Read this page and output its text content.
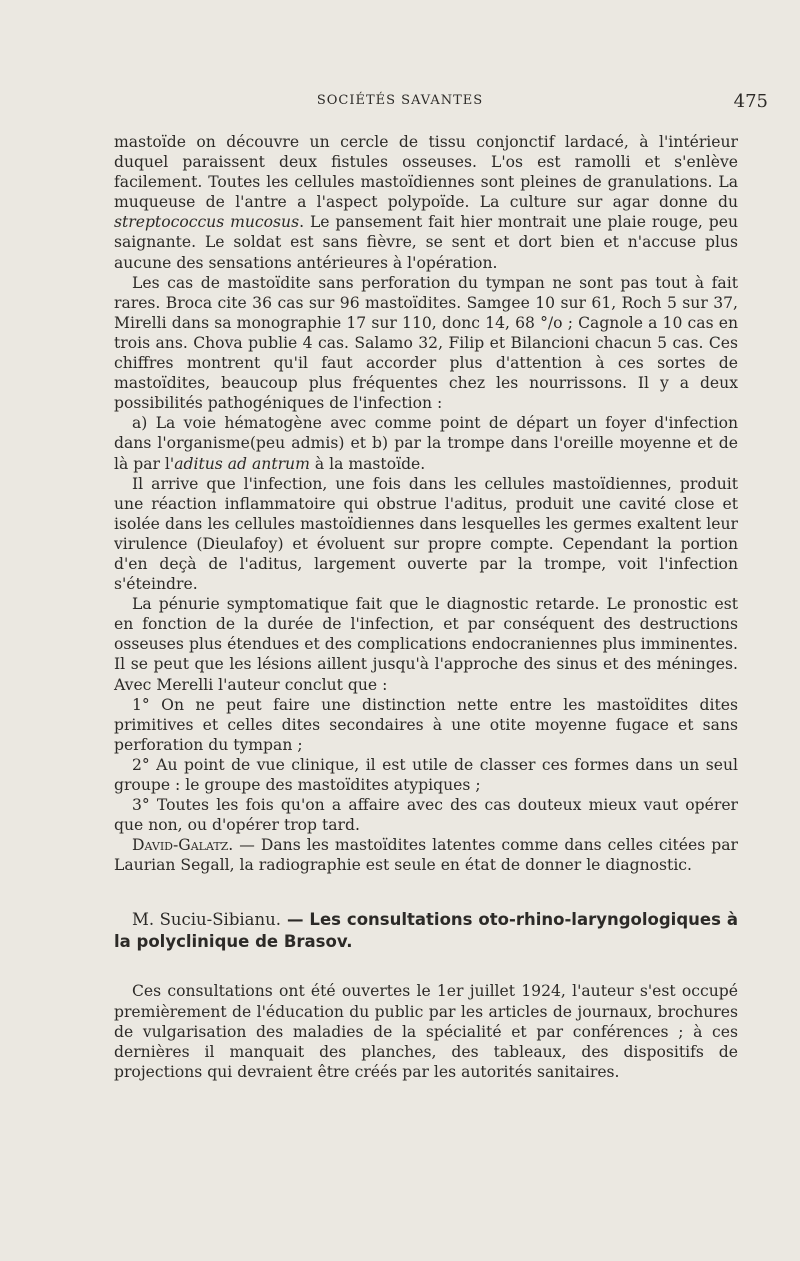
SOCIÉTÉS SAVANTES	475

mastoïde on découvre un cercle de tissu conjonctif lardacé, à l'intérieur duquel paraissent deux fistules osseuses. L'os est ramolli et s'enlève facilement. Toutes les cellules mastoïdiennes sont pleines de granulations. La muqueuse de l'antre a l'aspect polypoïde. La culture sur agar donne du streptococcus mucosus. Le pansement fait hier montrait une plaie rouge, peu saignante. Le soldat est sans fièvre, se sent et dort bien et n'accuse plus aucune des sensations antérieures à l'opération.

Les cas de mastoïdite sans perforation du tympan ne sont pas tout à fait rares. Broca cite 36 cas sur 96 mastoïdites. Samgee 10 sur 61, Roch 5 sur 37, Mirelli dans sa monographie 17 sur 110, donc 14, 68 °/o ; Cagnole a 10 cas en trois ans. Chova publie 4 cas. Salamo 32, Filip et Bilancioni chacun 5 cas. Ces chiffres montrent qu'il faut accorder plus d'attention à ces sortes de mastoïdites, beaucoup plus fréquentes chez les nourrissons. Il y a deux possibilités pathogéniques de l'infection :

a) La voie hématogène avec comme point de départ un foyer d'infection dans l'organisme(peu admis) et b) par la trompe dans l'oreille moyenne et de là par l'aditus ad antrum à la mastoïde.

Il arrive que l'infection, une fois dans les cellules mastoïdiennes, produit une réaction inflammatoire qui obstrue l'aditus, produit une cavité close et isolée dans les cellules mastoïdiennes dans lesquelles les germes exaltent leur virulence (Dieulafoy) et évoluent sur propre compte. Cependant la portion d'en deçà de l'aditus, largement ouverte par la trompe, voit l'infection s'éteindre.

La pénurie symptomatique fait que le diagnostic retarde. Le pronostic est en fonction de la durée de l'infection, et par conséquent des destructions osseuses plus étendues et des complications endocraniennes plus imminentes. Il se peut que les lésions aillent jusqu'à l'approche des sinus et des méninges. Avec Merelli l'auteur conclut que :

1° On ne peut faire une distinction nette entre les mastoïdites dites primitives et celles dites secondaires à une otite moyenne fugace et sans perforation du tympan ;

2° Au point de vue clinique, il est utile de classer ces formes dans un seul groupe : le groupe des mastoïdites atypiques ;

3° Toutes les fois qu'on a affaire avec des cas douteux mieux vaut opérer que non, ou d'opérer trop tard.

David-Galatz. — Dans les mastoïdites latentes comme dans celles citées par Laurian Segall, la radiographie est seule en état de donner le diagnostic.

M. Suciu-Sibianu. — Les consultations oto-rhino-laryngologiques à la polyclinique de Brasov.

Ces consultations ont été ouvertes le 1er juillet 1924, l'auteur s'est occupé premièrement de l'éducation du public par les articles de journaux, brochures de vulgarisation des maladies de la spécialité et par conférences ; à ces dernières il manquait des planches, des tableaux, des dispositifs de projections qui devraient être créés par les autorités sanitaires.
